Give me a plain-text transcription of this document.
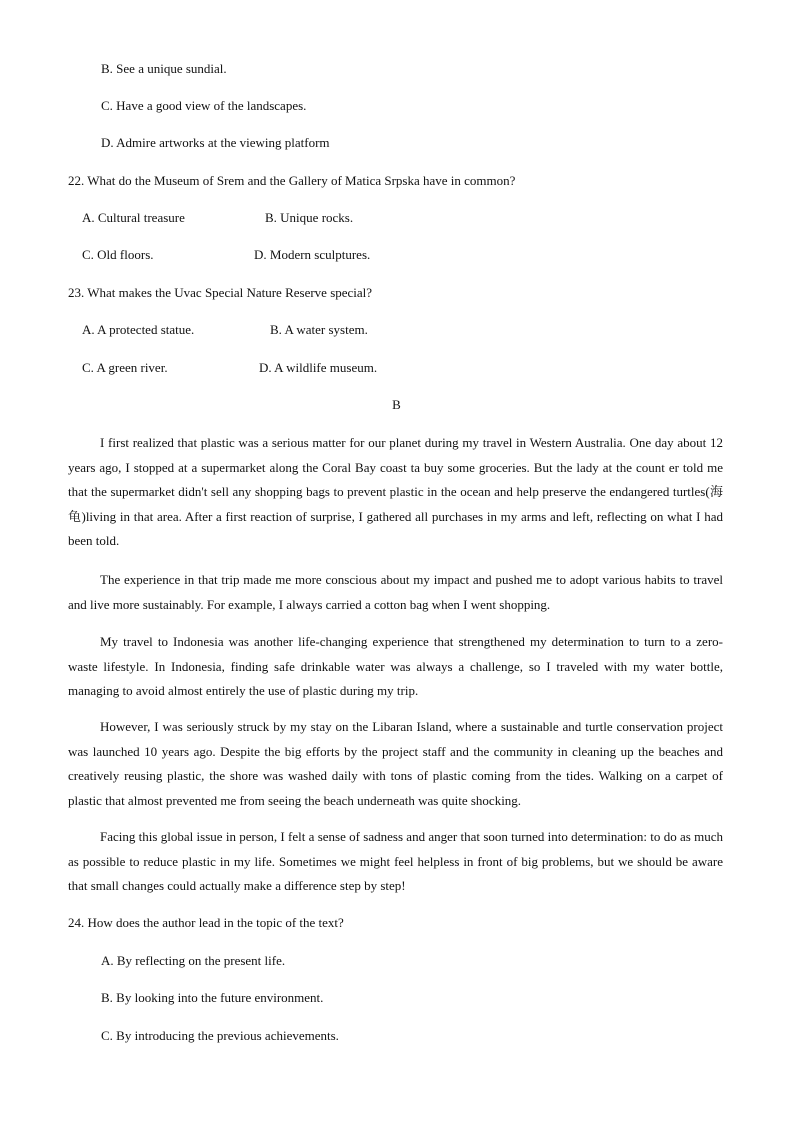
B. See a unique sundial.
C. Have a good view of the landscapes.
D. Admire artworks at the viewing platform
22. What do the Museum of Srem and the Gallery of Matica Srpska have in common?
A. Cultural treasure	B. Unique rocks.
C. Old floors.	D. Modern sculptures.
23. What makes the Uvac Special Nature Reserve special?
A. A protected statue.	B. A water system.
C. A green river.	D. A wildlife museum.
B

I first realized that plastic was a serious matter for our planet during my travel in Western Australia. One day about 12 years ago, I stopped at a supermarket along the Coral Bay coast ta buy some groceries. But the lady at the count er told me that the supermarket didn't sell any shopping bags to prevent plastic in the ocean and help preserve the endangered turtles(海龟)living in that area. After a first reaction of surprise, I gathered all purchases in my arms and left, reflecting on what I had been told.

The experience in that trip made me more conscious about my impact and pushed me to adopt various habits to travel and live more sustainably. For example, I always carried a cotton bag when I went shopping.

My travel to Indonesia was another life-changing experience that strengthened my determination to turn to a zero-waste lifestyle. In Indonesia, finding safe drinkable water was always a challenge, so I traveled with my water bottle, managing to avoid almost entirely the use of plastic during my trip.

However, I was seriously struck by my stay on the Libaran Island, where a sustainable and turtle conservation project was launched 10 years ago. Despite the big efforts by the project staff and the community in cleaning up the beaches and creatively reusing plastic, the shore was washed daily with tons of plastic coming from the tides. Walking on a carpet of plastic that almost prevented me from seeing the beach underneath was quite shocking.

Facing this global issue in person, I felt a sense of sadness and anger that soon turned into determination: to do as much as possible to reduce plastic in my life. Sometimes we might feel helpless in front of big problems, but we should be aware that small changes could actually make a difference step by step!

24. How does the author lead in the topic of the text?
A. By reflecting on the present life.
B. By looking into the future environment.
C. By introducing the previous achievements.
